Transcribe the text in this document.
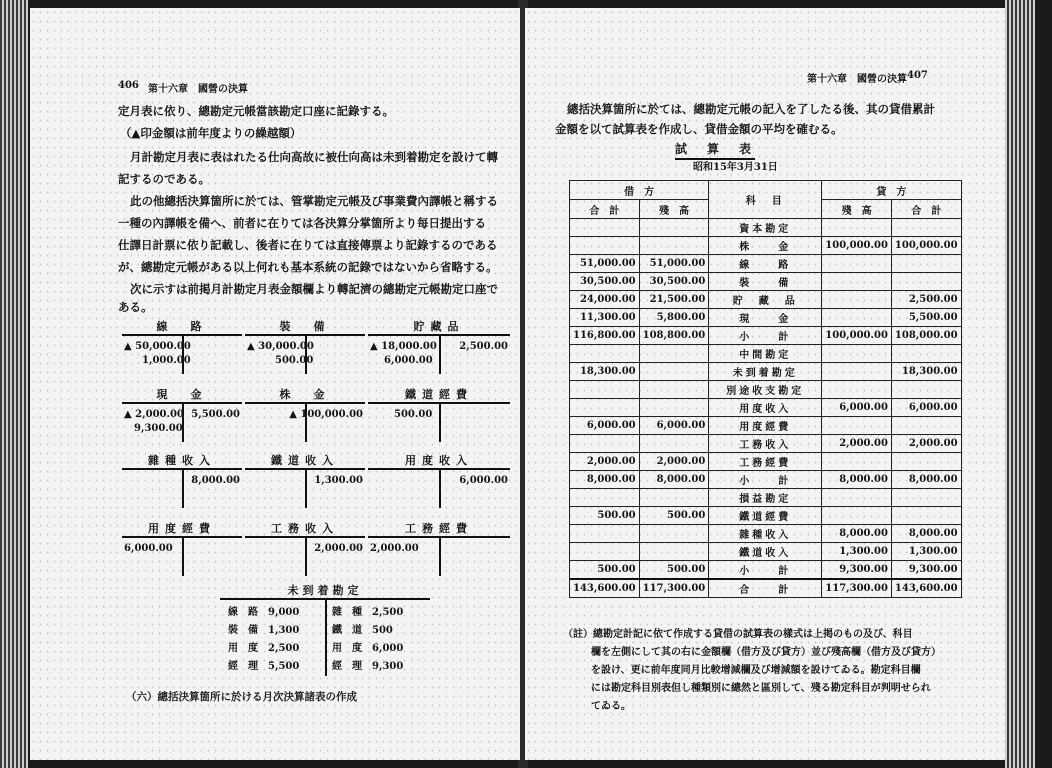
406 第十六章　國營の決算
定月表に依り、總勘定元帳當該勘定口座に記錄する。
（▲印金額は前年度よりの繰越額）
月計勘定月表に表はれたる仕向高故に被仕向高は未到着勘定を設けて轉
記するのである。
此の他總括決算箇所に於ては、管掌勘定元帳及び事業費內譯帳と稱する
一種の內譯帳を備へ、前者に在りては各決算分掌箇所より每日提出する
仕譯日計票に依り記載し、後者に在りては直接傳票より記錄するのである
が、總勘定元帳がある以上何れも基本系統の記錄ではないから省略する。
次に示すは前掲月計勘定月表金額欄より轉記濟の總勘定元帳勘定口座で
ある。
線　路
▲ 50,000.00
1,000.00
裝　備
▲ 30,000.00
500.00
貯藏品
▲ 18,000.00
6,000.00
2,500.00
現　金
▲ 2,000.00
9,300.00
5,500.00
株　金
▲ 100,000.00
鐵道經費
500.00
雜種收入
8,000.00
鐵道收入
1,300.00
用度收入
6,000.00
用度經費
6,000.00
工務收入
2,000.00
工務經費
2,000.00
未到着勘定
線　 路　 9,000
裝　 備　 1,300
用　 度　 2,500
經　 理　 5,500
雜　 種　 2,500
鐵　 道　 500
用　 度　 6,000
經　 理　 9,300
（六）總括決算箇所に於ける月次決算諸表の作成
第十六章　國營の決算 407
總括決算箇所に於ては、總勘定元帳の記入を了したる後、其の貸借累計
金額を以て試算表を作成し、貸借金額の平均を確むる。
試　算　表
昭和15年3月31日
借　方		科　目	貸　方	
合　計	殘　高		殘　高	合　計
		資本勘定		
		株　　金	100,000.00	100,000.00
51,000.00	51,000.00	線　　路		
30,500.00	30,500.00	裝　　備		
24,000.00	21,500.00	貯　藏　品		2,500.00
11,300.00	5,800.00	現　　金		5,500.00
116,800.00	108,800.00	小　　計	100,000.00	108,000.00
		中間勘定		
18,300.00		未到着勘定		18,300.00
		別途收支勘定		
		用度收入	6,000.00	6,000.00
6,000.00	6,000.00	用度經費		
		工務收入	2,000.00	2,000.00
2,000.00	2,000.00	工務經費		
8,000.00	8,000.00	小　　計	8,000.00	8,000.00
		損益勘定		
500.00	500.00	鐵道經費		
		雜種收入	8,000.00	8,000.00
		鐵道收入	1,300.00	1,300.00
500.00	500.00	小　　計	9,300.00	9,300.00
143,600.00	117,300.00	合　　計	117,300.00	143,600.00
（註）總勘定計記に依て作成する貸借の試算表の樣式は上掲のもの及び、科目
欄を左側にして其の右に金額欄（借方及び貸方）並び殘高欄（借方及び貸方）
を設け、更に前年度同月比較增減欄及び增減額を設けてゐる。勘定科目欄
には勘定科目別表但し種類別に總然と區別して、殘る勘定科目が判明せられ
てゐる。
